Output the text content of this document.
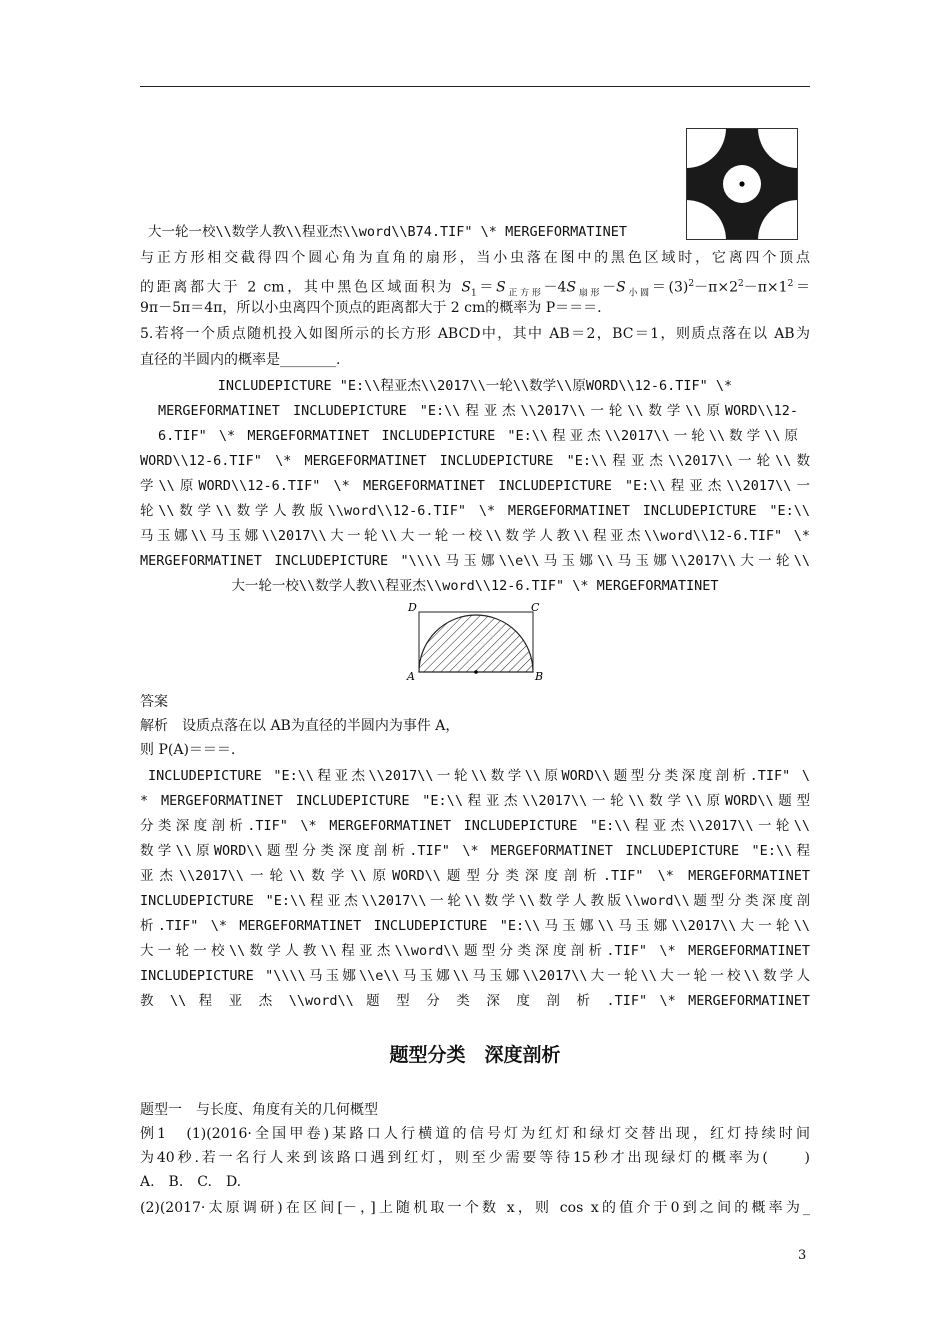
大一轮一校\\数学人教\\程亚杰\\word\\B74.TIF" \* MERGEFORMATINET
与正方形相交截得四个圆心角为直角的扇形，当小虫落在图中的黑色区域时，它离四个顶点
的距离都大于 2 cm，其中黑色区域面积为 $S_1=S_{正方形}-4S_{扇形}-S_{小圆}=(3)^2-\pi\times 2^2-\pi\times 1^2=$
9π－5π＝4π，所以小虫离四个顶点的距离都大于 2 cm的概率为 P＝＝＝.
5.若将一个质点随机投入如图所示的长方形 ABCD中，其中 AB＝2，BC＝1，则质点落在以 AB为
直径的半圆内的概率是________.
INCLUDEPICTURE "E:\\程亚杰\\2017\\一轮\\数学\\原WORD\\12-6.TIF" \*
MERGEFORMATINET INCLUDEPICTURE "E:\\程亚杰\\2017\\一轮\\数学\\原WORD\\12-
6.TIF" \* MERGEFORMATINET INCLUDEPICTURE "E:\\程亚杰\\2017\\一轮\\数学\\原
WORD\\12-6.TIF" \* MERGEFORMATINET INCLUDEPICTURE "E:\\程亚杰\\2017\\一轮\\数
学\\原WORD\\12-6.TIF" \* MERGEFORMATINET INCLUDEPICTURE "E:\\程亚杰\\2017\\一
轮\\数学\\数学人教版\\word\\12-6.TIF" \* MERGEFORMATINET INCLUDEPICTURE "E:\\
马玉娜\\马玉娜\\2017\\大一轮\\大一轮一校\\数学人教\\程亚杰\\word\\12-6.TIF" \*
MERGEFORMATINET INCLUDEPICTURE "\\\\马玉娜\\e\\马玉娜\\马玉娜\\2017\\大一轮\\
大一轮一校\\数学人教\\程亚杰\\word\\12-6.TIF" \* MERGEFORMATINET
D	C
A	B
答案
解析　设质点落在以 AB为直径的半圆内为事件 A，
则 P(A)＝＝＝.
INCLUDEPICTURE "E:\\程亚杰\\2017\\一轮\\数学\\原WORD\\题型分类深度剖析.TIF" \
* MERGEFORMATINET INCLUDEPICTURE "E:\\程亚杰\\2017\\一轮\\数学\\原WORD\\题型
分类深度剖析.TIF" \* MERGEFORMATINET INCLUDEPICTURE "E:\\程亚杰\\2017\\一轮\\
数学\\原WORD\\题型分类深度剖析.TIF" \* MERGEFORMATINET INCLUDEPICTURE "E:\\程
亚杰\\2017\\一轮\\数学\\原WORD\\题型分类深度剖析.TIF" \* MERGEFORMATINET
INCLUDEPICTURE "E:\\程亚杰\\2017\\一轮\\数学\\数学人教版\\word\\题型分类深度剖
析.TIF" \* MERGEFORMATINET INCLUDEPICTURE "E:\\马玉娜\\马玉娜\\2017\\大一轮\\
大一轮一校\\数学人教\\程亚杰\\word\\题型分类深度剖析.TIF" \* MERGEFORMATINET
INCLUDEPICTURE "\\\\马玉娜\\e\\马玉娜\\马玉娜\\2017\\大一轮\\大一轮一校\\数学人
教 \\ 程 亚 杰 \\word\\ 题 型 分 类 深 度 剖 析 .TIF" \* MERGEFORMATINET
题型分类　深度剖析
题型一　与长度、角度有关的几何概型
例1　(1)(2016·全国甲卷)某路口人行横道的信号灯为红灯和绿灯交替出现，红灯持续时间
为40秒.若一名行人来到该路口遇到红灯，则至少需要等待15秒才出现绿灯的概率为(　　)
A.　B.　C.　D.
(2)(2017·太原调研)在区间[－，]上随机取一个数 x，则 cos x的值介于0到之间的概率为_
3
